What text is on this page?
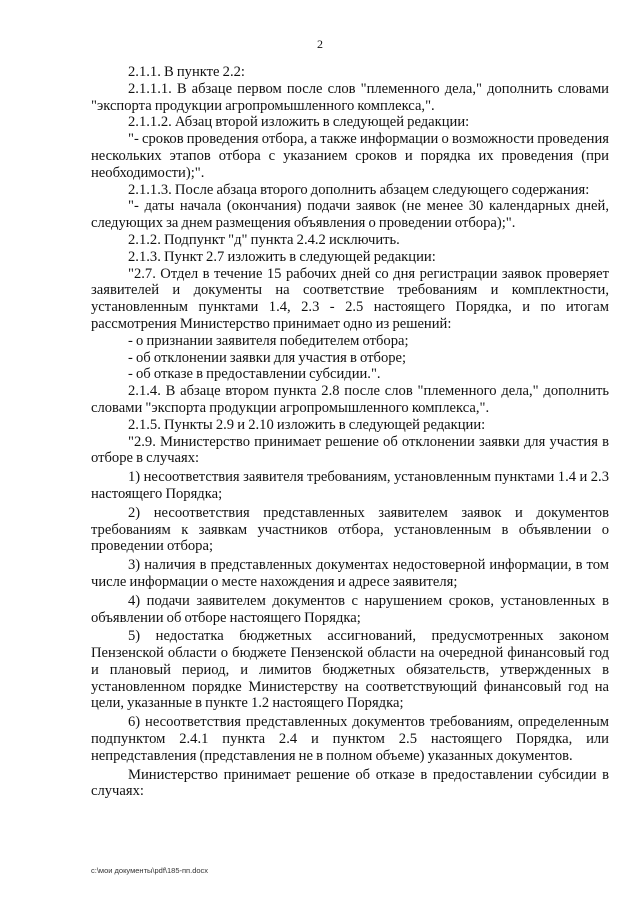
2

2.1.1. В пункте 2.2:

2.1.1.1. В абзаце первом после слов "племенного дела," дополнить словами "экспорта продукции агропромышленного комплекса,".

2.1.1.2. Абзац второй изложить в следующей редакции:

"- сроков проведения отбора, а также информации о возможности проведения нескольких этапов отбора с указанием сроков и порядка их проведения (при необходимости);".

2.1.1.3. После абзаца второго дополнить абзацем следующего содержания:

"- даты начала (окончания) подачи заявок (не менее 30 календарных дней, следующих за днем размещения объявления о проведении отбора);".

2.1.2. Подпункт "д" пункта 2.4.2 исключить.

2.1.3. Пункт 2.7 изложить в следующей редакции:

"2.7. Отдел в течение 15 рабочих дней со дня регистрации заявок проверяет заявителей и документы на соответствие требованиям и комплектности, установленным пунктами 1.4, 2.3 - 2.5 настоящего Порядка, и по итогам рассмотрения Министерство принимает одно из решений:

- о признании заявителя победителем отбора;

- об отклонении заявки для участия в отборе;

- об отказе в предоставлении субсидии.".

2.1.4. В абзаце втором пункта 2.8 после слов "племенного дела," дополнить словами "экспорта продукции агропромышленного комплекса,".

2.1.5. Пункты 2.9 и 2.10 изложить в следующей редакции:

"2.9. Министерство принимает решение об отклонении заявки для участия в отборе в случаях:

1) несоответствия заявителя требованиям, установленным пунктами 1.4 и 2.3 настоящего Порядка;

2) несоответствия представленных заявителем заявок и документов требованиям к заявкам участников отбора, установленным в объявлении о проведении отбора;

3) наличия в представленных документах недостоверной информации, в том числе информации о месте нахождения и адресе заявителя;

4) подачи заявителем документов с нарушением сроков, установленных в объявлении об отборе настоящего Порядка;

5) недостатка бюджетных ассигнований, предусмотренных законом Пензенской области о бюджете Пензенской области на очередной финансовый год и плановый период, и лимитов бюджетных обязательств, утвержденных в установленном порядке Министерству на соответствующий финансовый год на цели, указанные в пункте 1.2 настоящего Порядка;

6) несоответствия представленных документов требованиям, определенным подпунктом 2.4.1 пункта 2.4 и пунктом 2.5 настоящего Порядка, или непредставления (представления не в полном объеме) указанных документов.

Министерство принимает решение об отказе в предоставлении субсидии в случаях:

c:\мои документы\pdf\185-пп.docx
